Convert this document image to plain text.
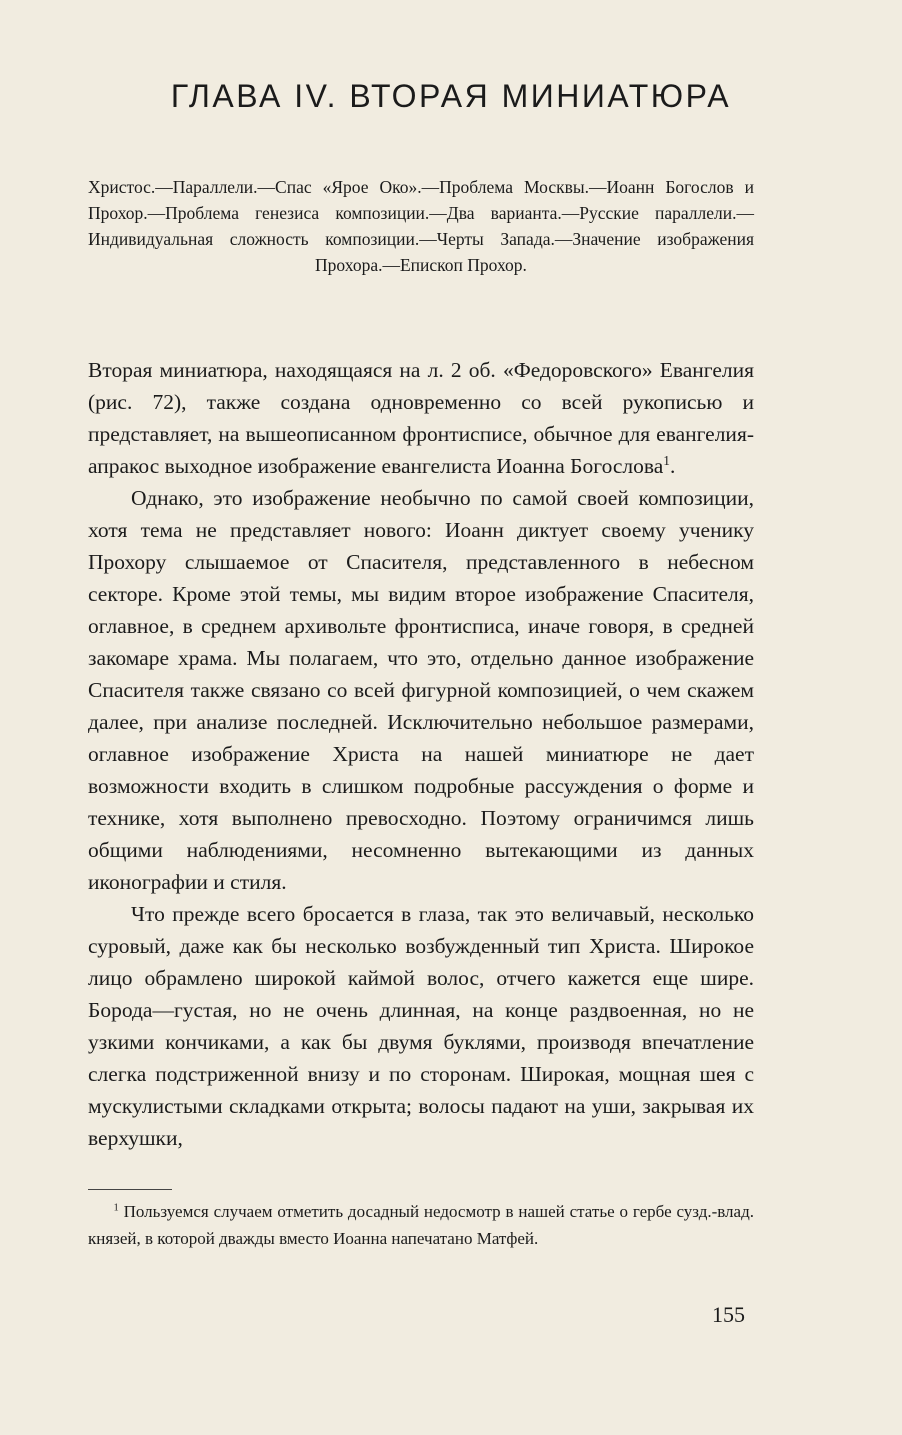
ГЛАВА IV. ВТОРАЯ МИНИАТЮРА

Христос.—Параллели.—Спас «Ярое Око».—Проблема Москвы.—Иоанн Богослов и Прохор.—Проблема генезиса композиции.—Два варианта.—Русские параллели.—Индивидуальная сложность композиции.—Черты Запада.—Значение изображения Прохора.—Епископ Прохор.

Вторая миниатюра, находящаяся на л. 2 об. «Федоровского» Евангелия (рис. 72), также создана одновременно со всей рукописью и представляет, на вышеописанном фронтисписе, обычное для евангелия-апракос выходное изображение евангелиста Иоанна Богослова$^1$.

Однако, это изображение необычно по самой своей композиции, хотя тема не представляет нового: Иоанн диктует своему ученику Прохору слышаемое от Спасителя, представленного в небесном секторе. Кроме этой темы, мы видим второе изображение Спасителя, оглавное, в среднем архивольте фронтисписа, иначе говоря, в средней закомаре храма. Мы полагаем, что это, отдельно данное изображение Спасителя также связано со всей фигурной композицией, о чем скажем далее, при анализе последней. Исключительно небольшое размерами, оглавное изображение Христа на нашей миниатюре не дает возможности входить в слишком подробные рассуждения о форме и технике, хотя выполнено превосходно. Поэтому ограничимся лишь общими наблюдениями, несомненно вытекающими из данных иконографии и стиля.

Что прежде всего бросается в глаза, так это величавый, несколько суровый, даже как бы несколько возбужденный тип Христа. Широкое лицо обрамлено широкой каймой волос, отчего кажется еще шире. Борода—густая, но не очень длинная, на конце раздвоенная, но не узкими кончиками, а как бы двумя буклями, производя впечатление слегка подстриженной внизу и по сторонам. Широкая, мощная шея с мускулистыми складками открыта; волосы падают на уши, закрывая их верхушки,

$^1$ Пользуемся случаем отметить досадный недосмотр в нашей статье о гербе сузд.-влад. князей, в которой дважды вместо Иоанна напечатано Матфей.

155
